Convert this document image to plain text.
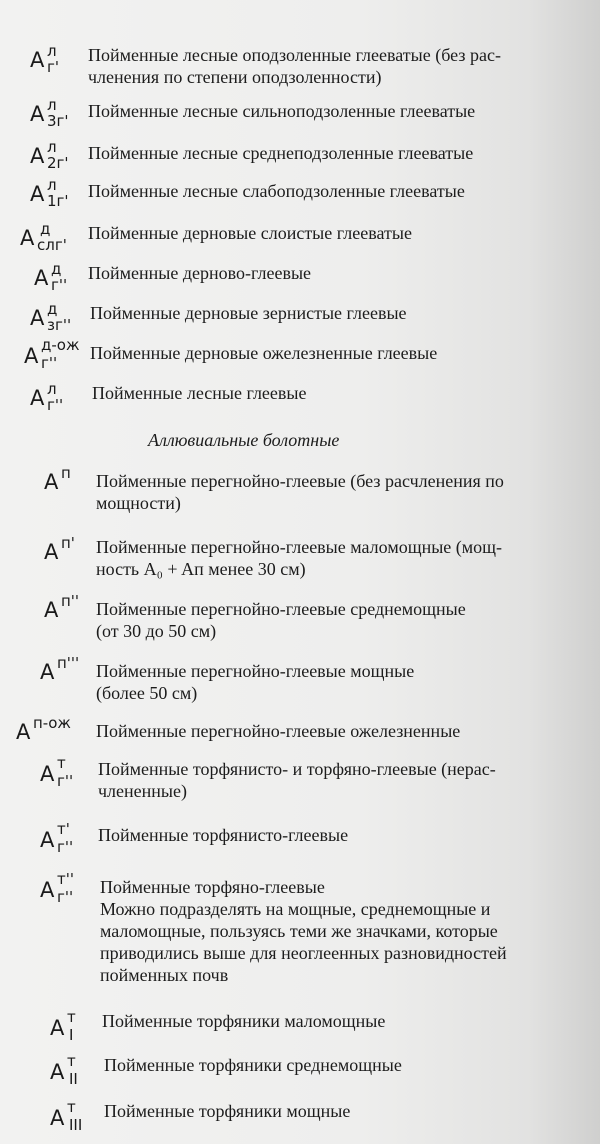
A л
г'
Пойменные лесные оподзоленные глееватые (без рас-
членения по степени оподзоленности)
A л
3г' Пойменные лесные сильноподзоленные глееватые
A л
2г' Пойменные лесные среднеподзоленные глееватые
A л
1г' Пойменные лесные слабоподзоленные глееватые
A д
слг'
Пойменные дерновые слоистые глееватые
A д
г''
Пойменные дерново-глеевые
A д
зг''
Пойменные дерновые зернистые глеевые
A д-ож
г'' Пойменные дерновые ожелезненные глеевые
A л
г''
Пойменные лесные глеевые
Аллювиальные болотные
A п Пойменные перегнойно-глеевые (без расчленения по
мощности)
A п' Пойменные перегнойно-глеевые маломощные (мощ-
ность A₀ + Aп менее 30 см)
A п'' Пойменные перегнойно-глеевые среднемощные
(от 30 до 50 см)
A п''' Пойменные перегнойно-глеевые мощные
(более 50 см)
A п-ож Пойменные перегнойно-глеевые ожелезненные
A т
г''
Пойменные торфянисто- и торфяно-глеевые (нерас-
члененные)
A т'
г''
Пойменные торфянисто-глеевые
A т''
г'' Пойменные торфяно-глеевые
Можно подразделять на мощные, среднемощные и
маломощные, пользуясь теми же значками, которые
приводились выше для неоглеенных разновидностей
пойменных почв
A т
I
Пойменные торфяники маломощные
A т
II
Пойменные торфяники среднемощные
A т
III
Пойменные торфяники мощные
